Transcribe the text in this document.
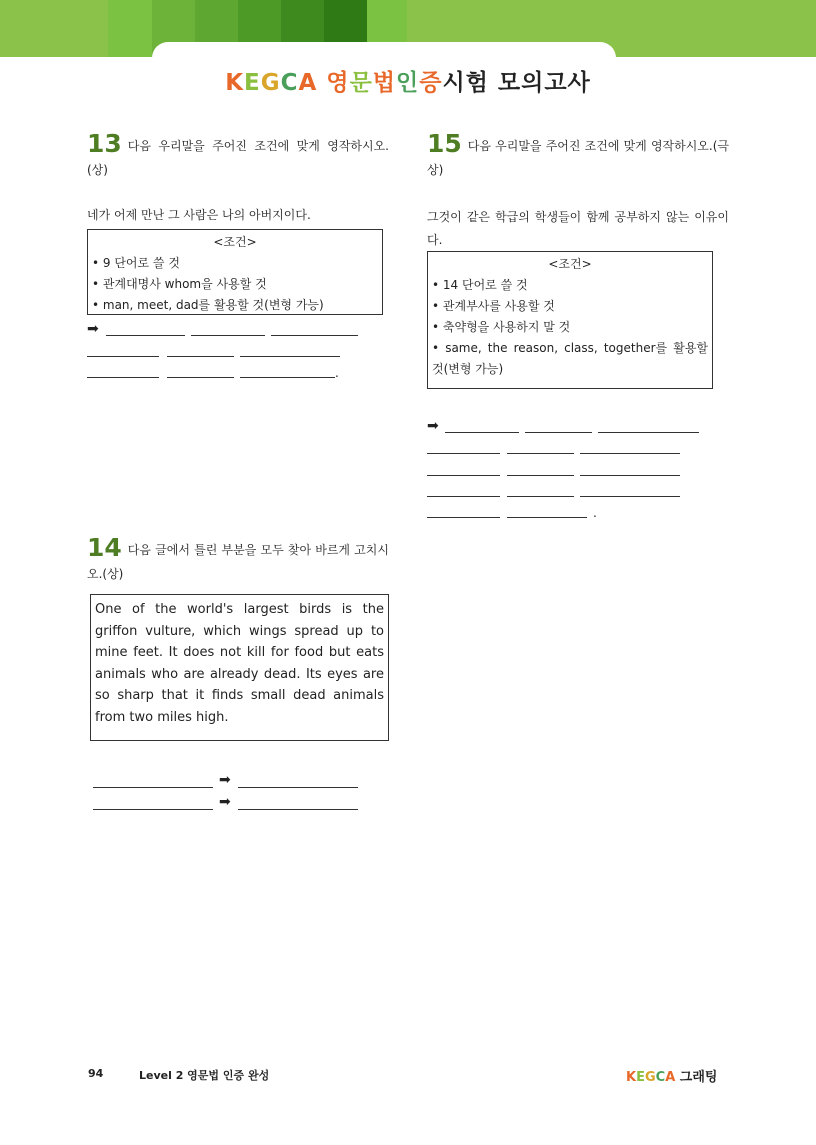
KEGCA 영문법인증시험 모의고사
13 다음 우리말을 주어진 조건에 맞게 영작하시오.(상)
네가 어제 만난 그 사람은 나의 아버지이다.
<조건>
• 9 단어로 쓸 것
• 관계대명사 whom을 사용할 것
• man, meet, dad를 활용할 것(변형 가능)
➡
.
14 다음 글에서 틀린 부분을 모두 찾아 바르게 고치시오.(상)
One of the world's largest birds is the griffon vulture, which wings spread up to mine feet. It does not kill for food but eats animals who are already dead. Its eyes are so sharp that it finds small dead animals from two miles high.
➡
➡
15 다음 우리말을 주어진 조건에 맞게 영작하시오.(극상)
그것이 같은 학급의 학생들이 함께 공부하지 않는 이유이다.
<조건>
• 14 단어로 쓸 것
• 관계부사를 사용할 것
• 축약형을 사용하지 말 것
• same, the reason, class, together를 활용할 것(변형 가능)
➡
.
94	Level 2 영문법 인증 완성	KEGCA 그래팅
